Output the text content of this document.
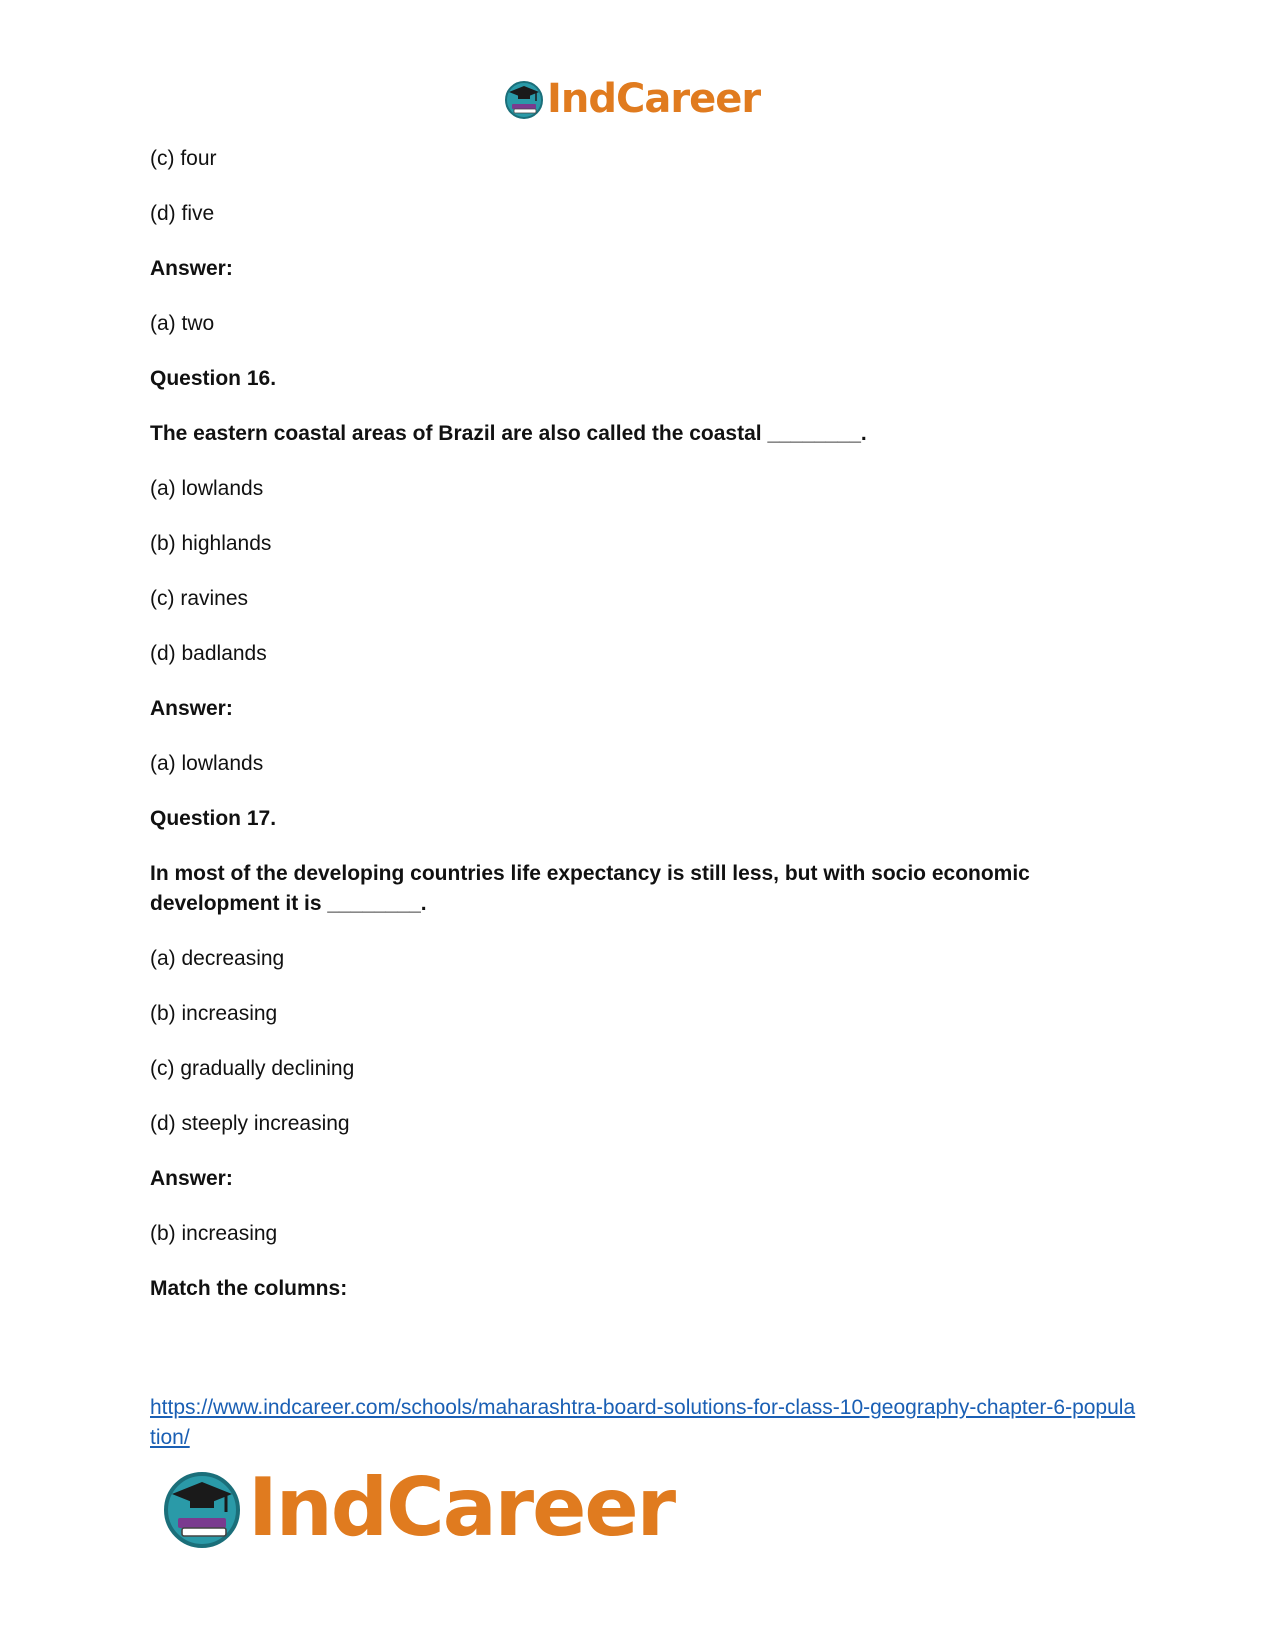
IndCareer

(c) four

(d) five

Answer:

(a) two

Question 16.

The eastern coastal areas of Brazil are also called the coastal ________.

(a) lowlands

(b) highlands

(c) ravines

(d) badlands

Answer:

(a) lowlands

Question 17.

In most of the developing countries life expectancy is still less, but with socio economic development it is ________.

(a) decreasing

(b) increasing

(c) gradually declining

(d) steeply increasing

Answer:

(b) increasing

Match the columns:

https://www.indcareer.com/schools/maharashtra-board-solutions-for-class-10-geography-chapter-6-population/
IndCareer
